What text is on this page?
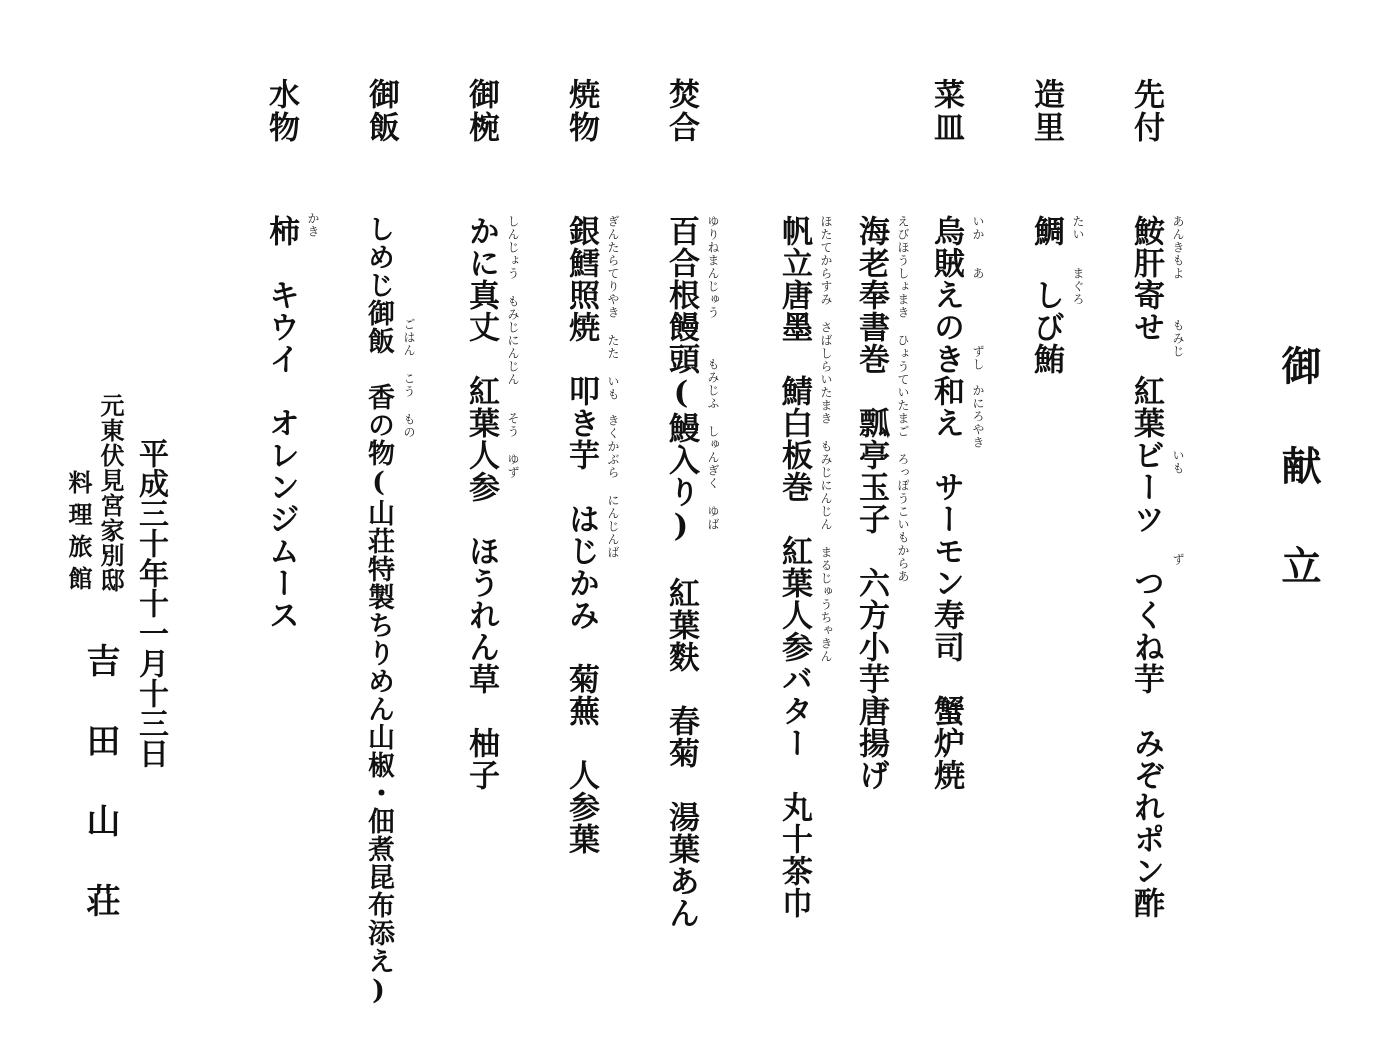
御献立
先付
鮟肝寄せ　紅葉ビーツ　つくね芋　みぞれポン酢 あんきもよ　　　もみじ　　　　　　　いも　　　　　　ず
造里
鯛　しび鮪 たい　　まぐろ
菜皿
烏賊えのき和え　サーモン寿司　蟹炉焼 いか　　あ　　　　　ずし　かにろやき
海老奉書巻　瓢亭玉子　六方小芋唐揚げ えびほうしょまき ひょうていたまご ろっぽうこいもからあ
帆立唐墨　鯖白板巻　紅葉人参バター　丸十茶巾 ほたてからすみ さばしらいたまき もみじにんじん まるじゅうちゃきん
焚合
百合根饅頭(鰻入り)　紅葉麩　春菊　湯葉あん ゆりねまんじゅう　　　もみじふ しゅんぎく ゆば
焼物
銀鱈照焼　叩き芋　はじかみ　菊蕪　人参葉 ぎんたらてりやき たた いも　きくかぶら にんじんば
御椀
かに真丈　紅葉人参　ほうれん草　柚子 しんじょう もみじにんじん　　そう ゆず
御飯
しめじ御飯　香の物(山荘特製ちりめん山椒・佃煮昆布添え) ごはん こう もの
水物
柿　キウイ　オレンジムース かき
平成三十年十一月十三日
元東伏見宮家別邸
料理旅館
吉田山荘
